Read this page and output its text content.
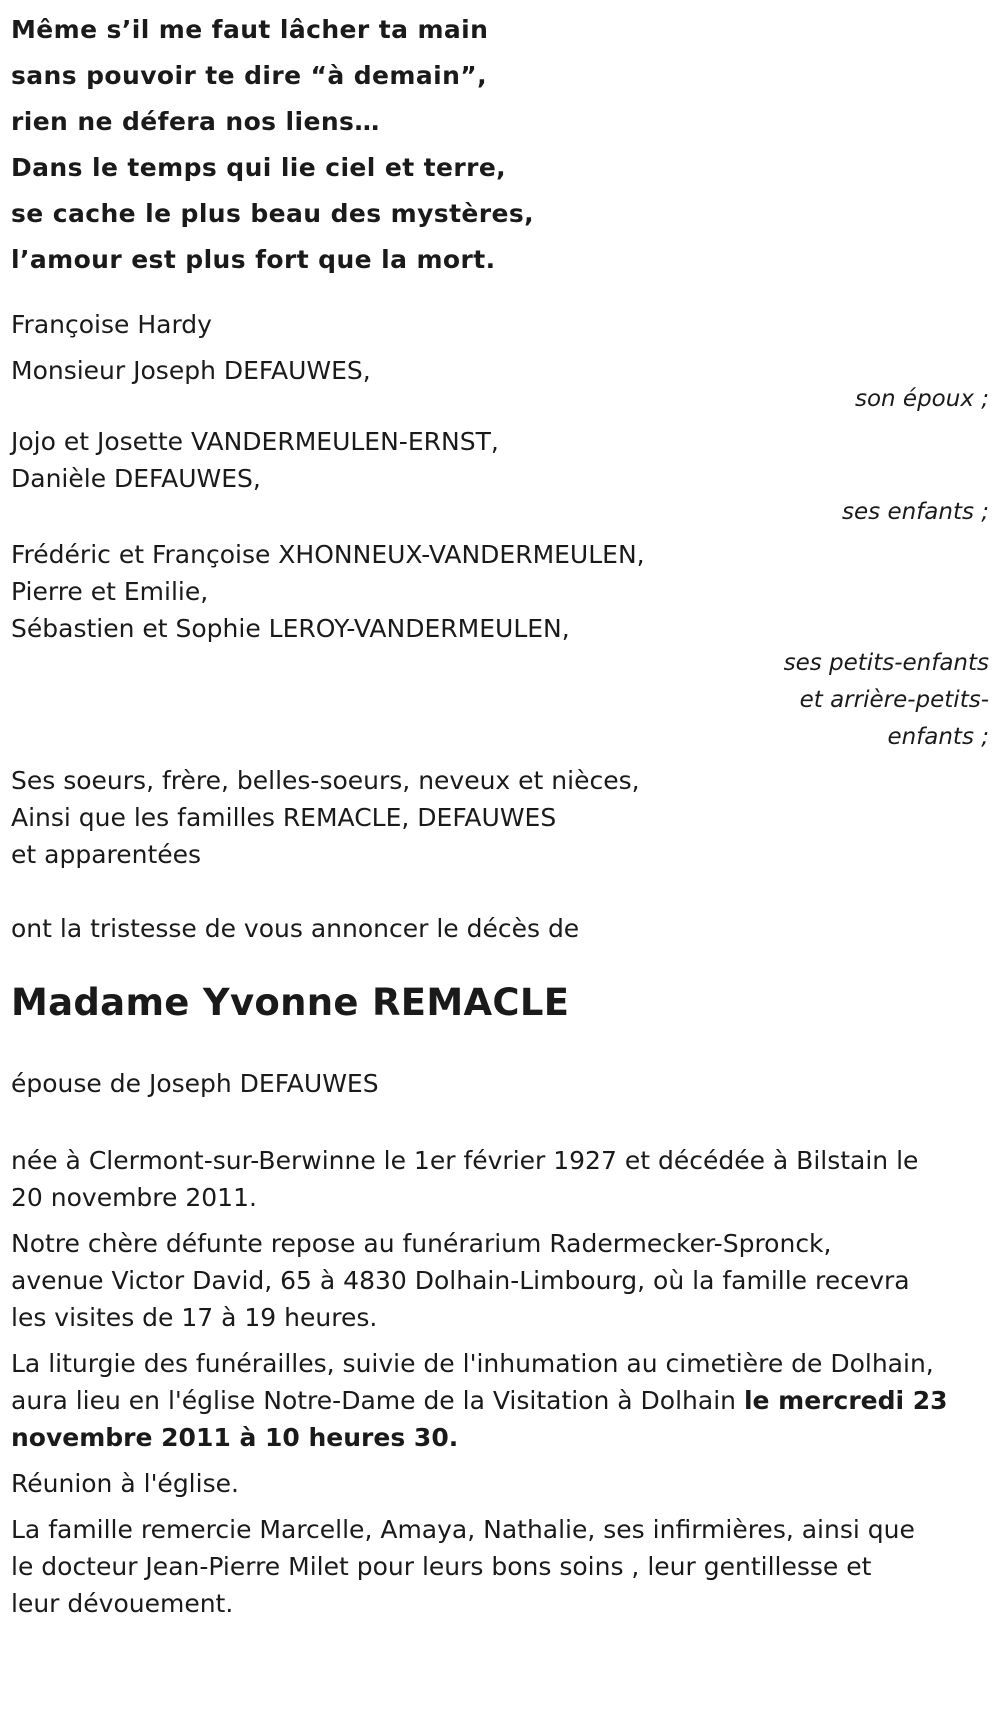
Même s’il me faut lâcher ta main
sans pouvoir te dire “à demain”,
rien ne défera nos liens…
Dans le temps qui lie ciel et terre,
se cache le plus beau des mystères,
l’amour est plus fort que la mort.
Françoise Hardy
Monsieur Joseph DEFAUWES,
son époux ;
Jojo et Josette VANDERMEULEN-ERNST,
Danièle DEFAUWES,
ses enfants ;
Frédéric et Françoise XHONNEUX-VANDERMEULEN,
Pierre et Emilie,
Sébastien et Sophie LEROY-VANDERMEULEN,
ses petits-enfants
et arrière-petits-
enfants ;
Ses soeurs, frère, belles-soeurs, neveux et nièces,
Ainsi que les familles REMACLE, DEFAUWES
et apparentées
ont la tristesse de vous annoncer le décès de
Madame Yvonne REMACLE
épouse de Joseph DEFAUWES
née à Clermont-sur-Berwinne le 1er février 1927 et décédée à Bilstain le
20 novembre 2011.
Notre chère défunte repose au funérarium Radermecker-Spronck,
avenue Victor David, 65 à 4830 Dolhain-Limbourg, où la famille recevra
les visites de 17 à 19 heures.
La liturgie des funérailles, suivie de l'inhumation au cimetière de Dolhain,
aura lieu en l'église Notre-Dame de la Visitation à Dolhain le mercredi 23
novembre 2011 à 10 heures 30.
Réunion à l'église.
La famille remercie Marcelle, Amaya, Nathalie, ses infirmières, ainsi que
le docteur Jean-Pierre Milet pour leurs bons soins , leur gentillesse et
leur dévouement.
